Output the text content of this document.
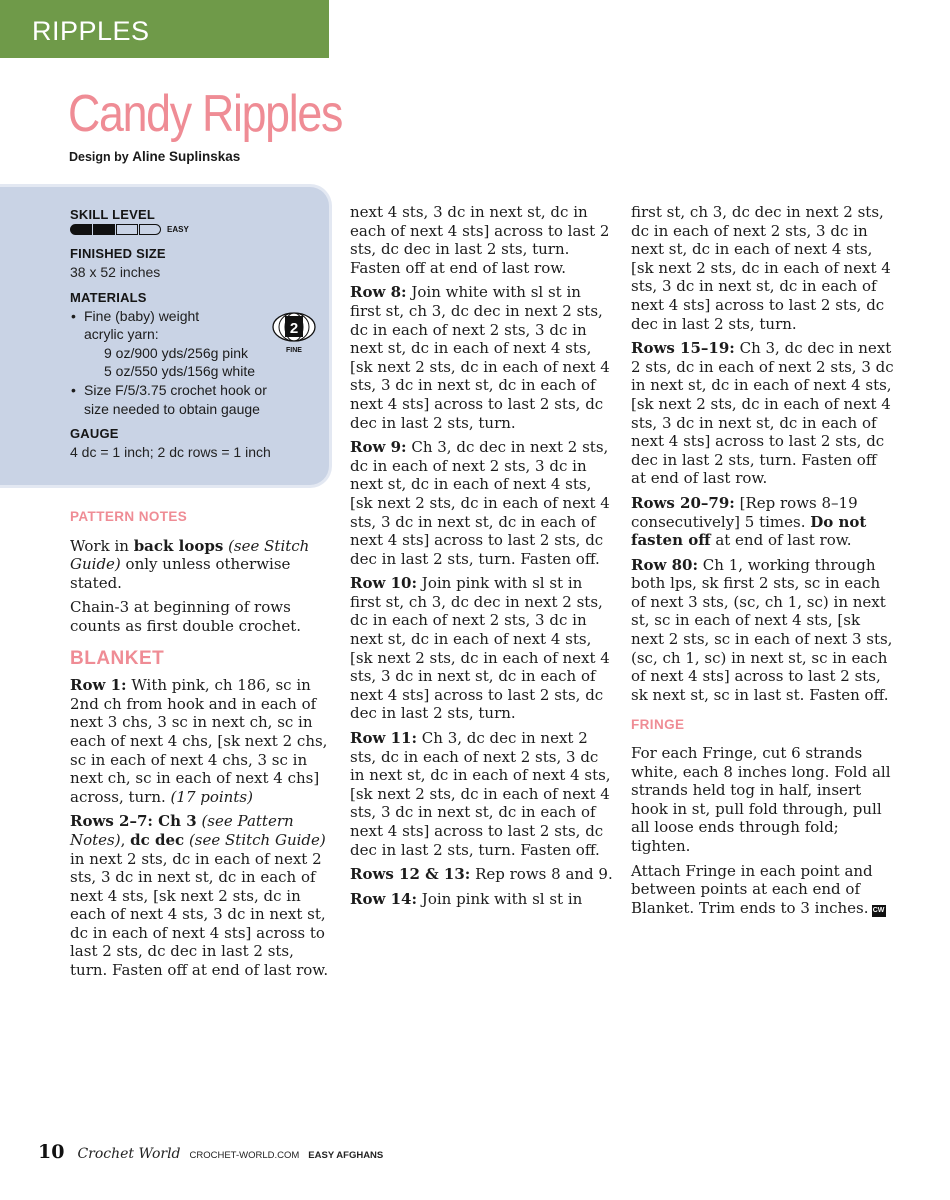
RIPPLES
Candy Ripples
Design by Aline Suplinskas
SKILL LEVEL
EASY
FINISHED SIZE
38 x 52 inches
MATERIALS
• Fine (baby) weight
acrylic yarn:
9 oz/900 yds/256g pink
5 oz/550 yds/156g white
• Size F/5/3.75 crochet hook or
size needed to obtain gauge
GAUGE
4 dc = 1 inch; 2 dc rows = 1 inch
2
FINE
PATTERN NOTES

Work in back loops (see Stitch Guide) only unless otherwise stated.

Chain-3 at beginning of rows counts as first double crochet.

BLANKET

Row 1: With pink, ch 186, sc in 2nd ch from hook and in each of next 3 chs, 3 sc in next ch, sc in each of next 4 chs, [sk next 2 chs, sc in each of next 4 chs, 3 sc in next ch, sc in each of next 4 chs] across, turn. (17 points)

Rows 2–7: Ch 3 (see Pattern Notes), dc dec (see Stitch Guide) in next 2 sts, dc in each of next 2 sts, 3 dc in next st, dc in each of next 4 sts, [sk next 2 sts, dc in each of next 4 sts, 3 dc in next st, dc in each of next 4 sts] across to last 2 sts, dc dec in last 2 sts, turn. Fasten off at end of last row.

next 4 sts, 3 dc in next st, dc in each of next 4 sts] across to last 2 sts, dc dec in last 2 sts, turn. Fasten off at end of last row.

Row 8: Join white with sl st in first st, ch 3, dc dec in next 2 sts, dc in each of next 2 sts, 3 dc in next st, dc in each of next 4 sts, [sk next 2 sts, dc in each of next 4 sts, 3 dc in next st, dc in each of next 4 sts] across to last 2 sts, dc dec in last 2 sts, turn.

Row 9: Ch 3, dc dec in next 2 sts, dc in each of next 2 sts, 3 dc in next st, dc in each of next 4 sts, [sk next 2 sts, dc in each of next 4 sts, 3 dc in next st, dc in each of next 4 sts] across to last 2 sts, dc dec in last 2 sts, turn. Fasten off.

Row 10: Join pink with sl st in first st, ch 3, dc dec in next 2 sts, dc in each of next 2 sts, 3 dc in next st, dc in each of next 4 sts, [sk next 2 sts, dc in each of next 4 sts, 3 dc in next st, dc in each of next 4 sts] across to last 2 sts, dc dec in last 2 sts, turn.

Row 11: Ch 3, dc dec in next 2 sts, dc in each of next 2 sts, 3 dc in next st, dc in each of next 4 sts, [sk next 2 sts, dc in each of next 4 sts, 3 dc in next st, dc in each of next 4 sts] across to last 2 sts, dc dec in last 2 sts, turn. Fasten off.

Rows 12 & 13: Rep rows 8 and 9.

Row 14: Join pink with sl st in

first st, ch 3, dc dec in next 2 sts, dc in each of next 2 sts, 3 dc in next st, dc in each of next 4 sts, [sk next 2 sts, dc in each of next 4 sts, 3 dc in next st, dc in each of next 4 sts] across to last 2 sts, dc dec in last 2 sts, turn.

Rows 15–19: Ch 3, dc dec in next 2 sts, dc in each of next 2 sts, 3 dc in next st, dc in each of next 4 sts, [sk next 2 sts, dc in each of next 4 sts, 3 dc in next st, dc in each of next 4 sts] across to last 2 sts, dc dec in last 2 sts, turn. Fasten off at end of last row.

Rows 20–79: [Rep rows 8–19 consecutively] 5 times. Do not fasten off at end of last row.

Row 80: Ch 1, working through both lps, sk first 2 sts, sc in each of next 3 sts, (sc, ch 1, sc) in next st, sc in each of next 4 sts, [sk next 2 sts, sc in each of next 3 sts, (sc, ch 1, sc) in next st, sc in each of next 4 sts] across to last 2 sts, sk next st, sc in last st. Fasten off.

FRINGE

For each Fringe, cut 6 strands white, each 8 inches long. Fold all strands held tog in half, insert hook in st, pull fold through, pull all loose ends through fold; tighten.

Attach Fringe in each point and between points at each end of Blanket. Trim ends to 3 inches. CW

10 Crochet World CROCHET-WORLD.COM EASY AFGHANS
